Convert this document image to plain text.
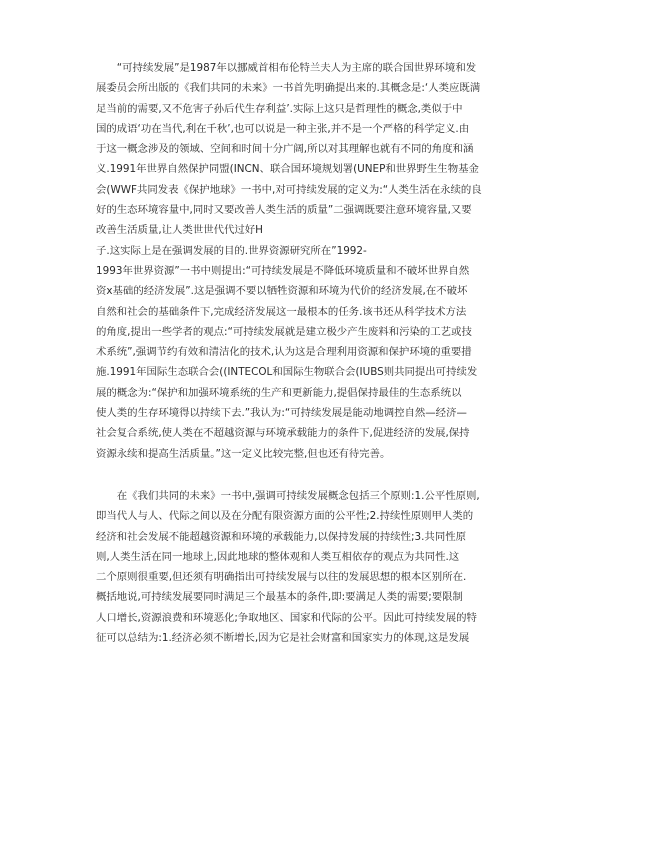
　　“可持续发展”是1987年以挪威首相布伦特兰夫人为主席的联合国世界环境和发
展委员会所出版的《我们共同的未来》一书首先明确提出来的.其概念是:‘人类应既满
足当前的需要,又不危害子孙后代生存利益’.实际上这只是哲理性的概念,类似于中
国的成语‘功在当代,利在千秋’,也可以说是一种主张,并不是一个严格的科学定义.由
于这一概念涉及的领域、空间和时间十分广阔,所以对其理解也就有不同的角度和涵
义.1991年世界自然保护同盟(INCN、联合国环境规划署(UNEP和世界野生生物基金
会(WWF共同发表《保护地球》一书中,对可持续发展的定义为:“人类生活在永续的良
好的生态环境容量中,同时又要改善人类生活的质量”二强调既要注意环境容量,又要
改善生活质量,让人类世世代代过好H
子.这实际上是在强调发展的目的.世界资源研究所在”1992-
1993年世界资源”一书中则提出:“可持续发展是不降低环境质量和不破坏世界自然
资x基础的经济发展”.这是强调不要以牺牲资源和环境为代价的经济发展,在不破坏
自然和社会的基础条件下,完成经济发展这一最根本的任务.该书还从科学技术方法
的角度,提出一些学者的观点:“可持续发展就是建立极少产生废料和污染的工艺或技
术系统”,强调节约有效和清洁化的技术,认为这是合理利用资源和保护环境的重要措
施.1991年国际生态联合会((INTECOL和国际生物联合会(IUBS则共同提出可持续发
展的概念为:“保护和加强环境系统的生产和更新能力,提倡保持最佳的生态系统以
使人类的生存环境得以持续下去.”我认为:“可持续发展是能动地调控自然—经济—
社会复合系统,使人类在不超越资源与环境承载能力的条件下,促进经济的发展,保持
资源永续和提高生活质量。”这一定义比较完整,但也还有待完善。
　　在《我们共同的未来》一书中,强调可持续发展概念包括三个原则:1.公平性原则,
即当代人与人、代际之间以及在分配有限资源方面的公平性;2.持续性原则甲人类的
经济和社会发展不能超越资源和环境的承载能力,以保持发展的持续性;3.共同性原
则,人类生活在同一地球上,因此地球的整体观和人类互相依存的观点为共同性.这
二个原则很重要,但还须有明确指出可持续发展与以往的发展思想的根本区别所在.
概括地说,可持续发展要同时满足三个最基本的条件,即:要满足人类的需要;要限制
人口增长,资源浪费和环境恶化;争取地区、国家和代际的公平。因此可持续发展的特
征可以总结为:1.经济必须不断增长,因为它是社会财富和国家实力的体现,这是发展
